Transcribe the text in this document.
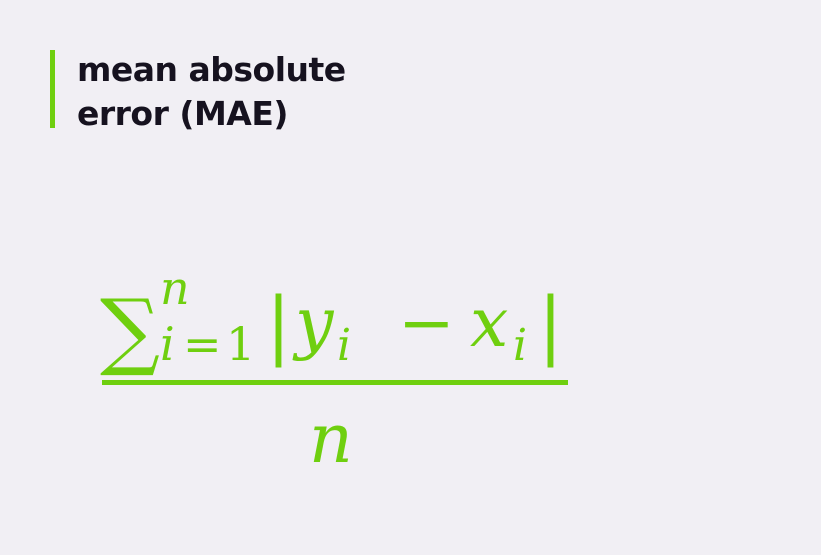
mean absolute
error (MAE)
∑ n
i = 1 | y i − x i |
n
